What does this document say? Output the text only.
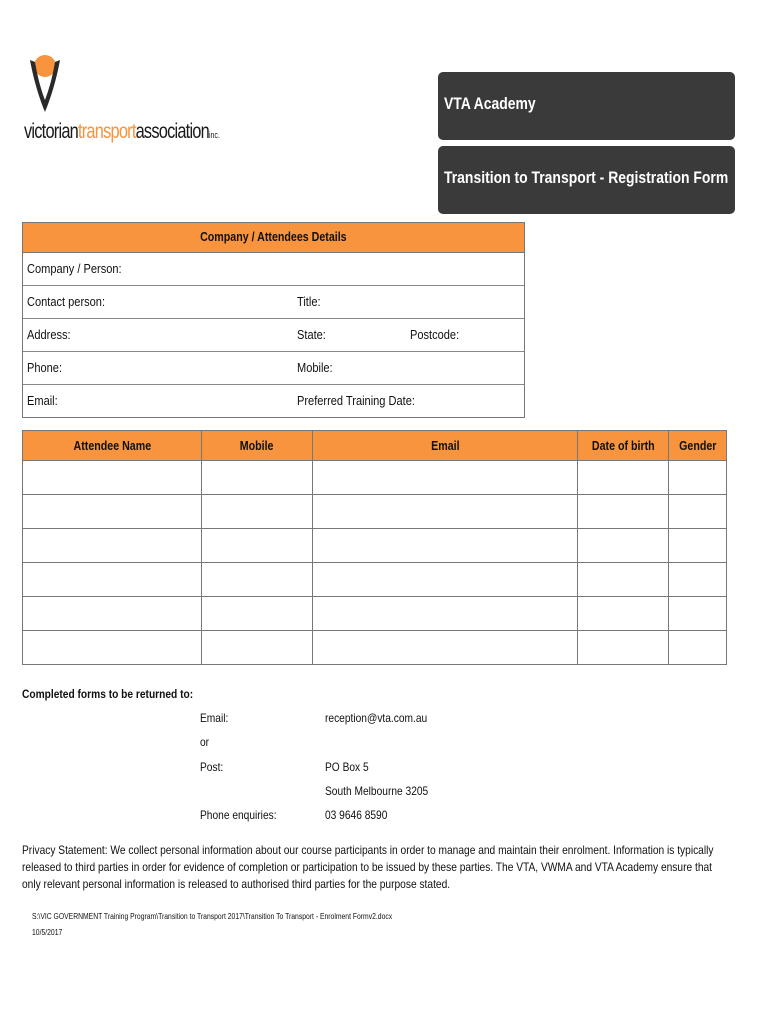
victoriantransportassociationinc.
VTA Academy
Transition to Transport - Registration Form
Company / Attendees Details
Company / Person:
Contact person:	Title:
Address:	State:	Postcode:
Phone:	Mobile:
Email:	Preferred Training Date:
Attendee Name	Mobile	Email	Date of birth	Gender

Completed forms to be returned to:
Email:	reception@vta.com.au
or
Post:	PO Box 5
South Melbourne 3205
Phone enquiries:	03 9646 8590
Privacy Statement: We collect personal information about our course participants in order to manage and maintain their enrolment. Information is typically released to third parties in order for evidence of completion or participation to be issued by these parties. The VTA, VWMA and VTA Academy ensure that only relevant personal information is released to authorised third parties for the purpose stated.
S:\VIC GOVERNMENT Training Program\Transition to Transport 2017\Transition To Transport - Enrolment Formv2.docx
10/5/2017
